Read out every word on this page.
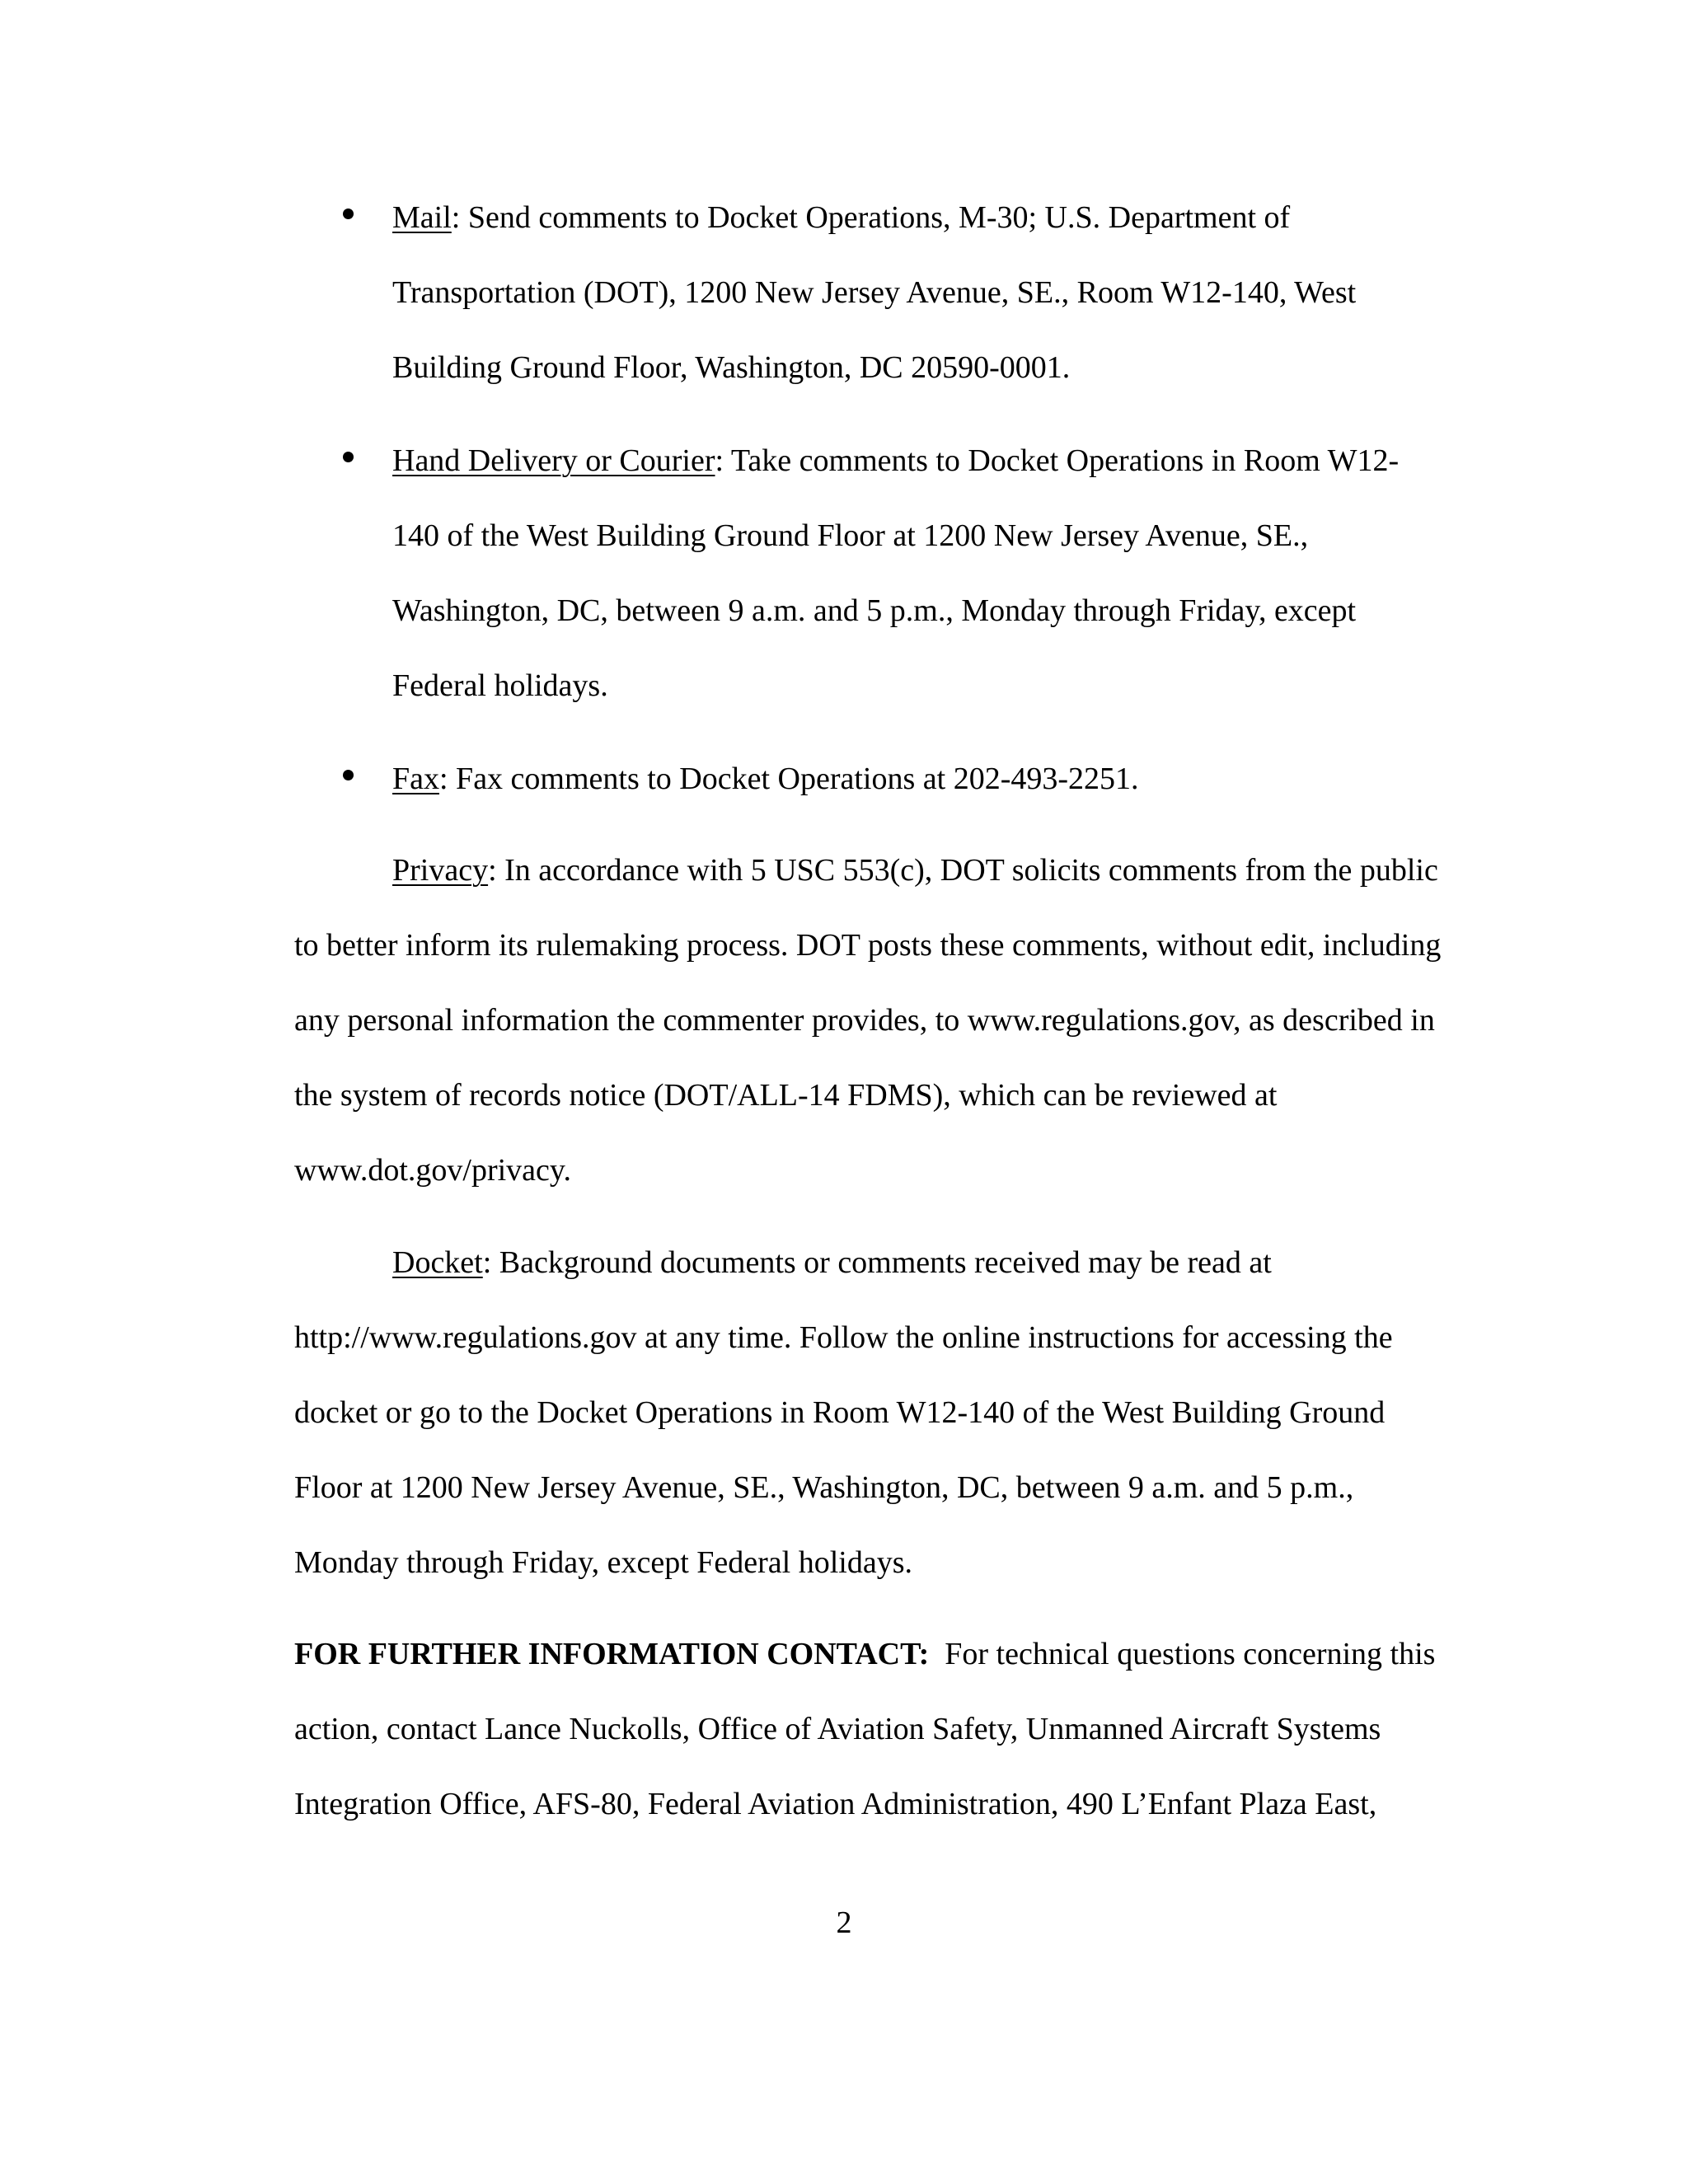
Mail: Send comments to Docket Operations, M-30; U.S. Department of
Transportation (DOT), 1200 New Jersey Avenue, SE., Room W12-140, West
Building Ground Floor, Washington, DC 20590-0001.
Hand Delivery or Courier: Take comments to Docket Operations in Room W12-
140 of the West Building Ground Floor at 1200 New Jersey Avenue, SE.,
Washington, DC, between 9 a.m. and 5 p.m., Monday through Friday, except
Federal holidays.
Fax: Fax comments to Docket Operations at 202-493-2251.
Privacy: In accordance with 5 USC 553(c), DOT solicits comments from the public
to better inform its rulemaking process. DOT posts these comments, without edit, including
any personal information the commenter provides, to www.regulations.gov, as described in
the system of records notice (DOT/ALL-14 FDMS), which can be reviewed at
www.dot.gov/privacy.
Docket: Background documents or comments received may be read at
http://www.regulations.gov at any time. Follow the online instructions for accessing the
docket or go to the Docket Operations in Room W12-140 of the West Building Ground
Floor at 1200 New Jersey Avenue, SE., Washington, DC, between 9 a.m. and 5 p.m.,
Monday through Friday, except Federal holidays.
FOR FURTHER INFORMATION CONTACT:  For technical questions concerning this
action, contact Lance Nuckolls, Office of Aviation Safety, Unmanned Aircraft Systems
Integration Office, AFS-80, Federal Aviation Administration, 490 L’Enfant Plaza East,
2
